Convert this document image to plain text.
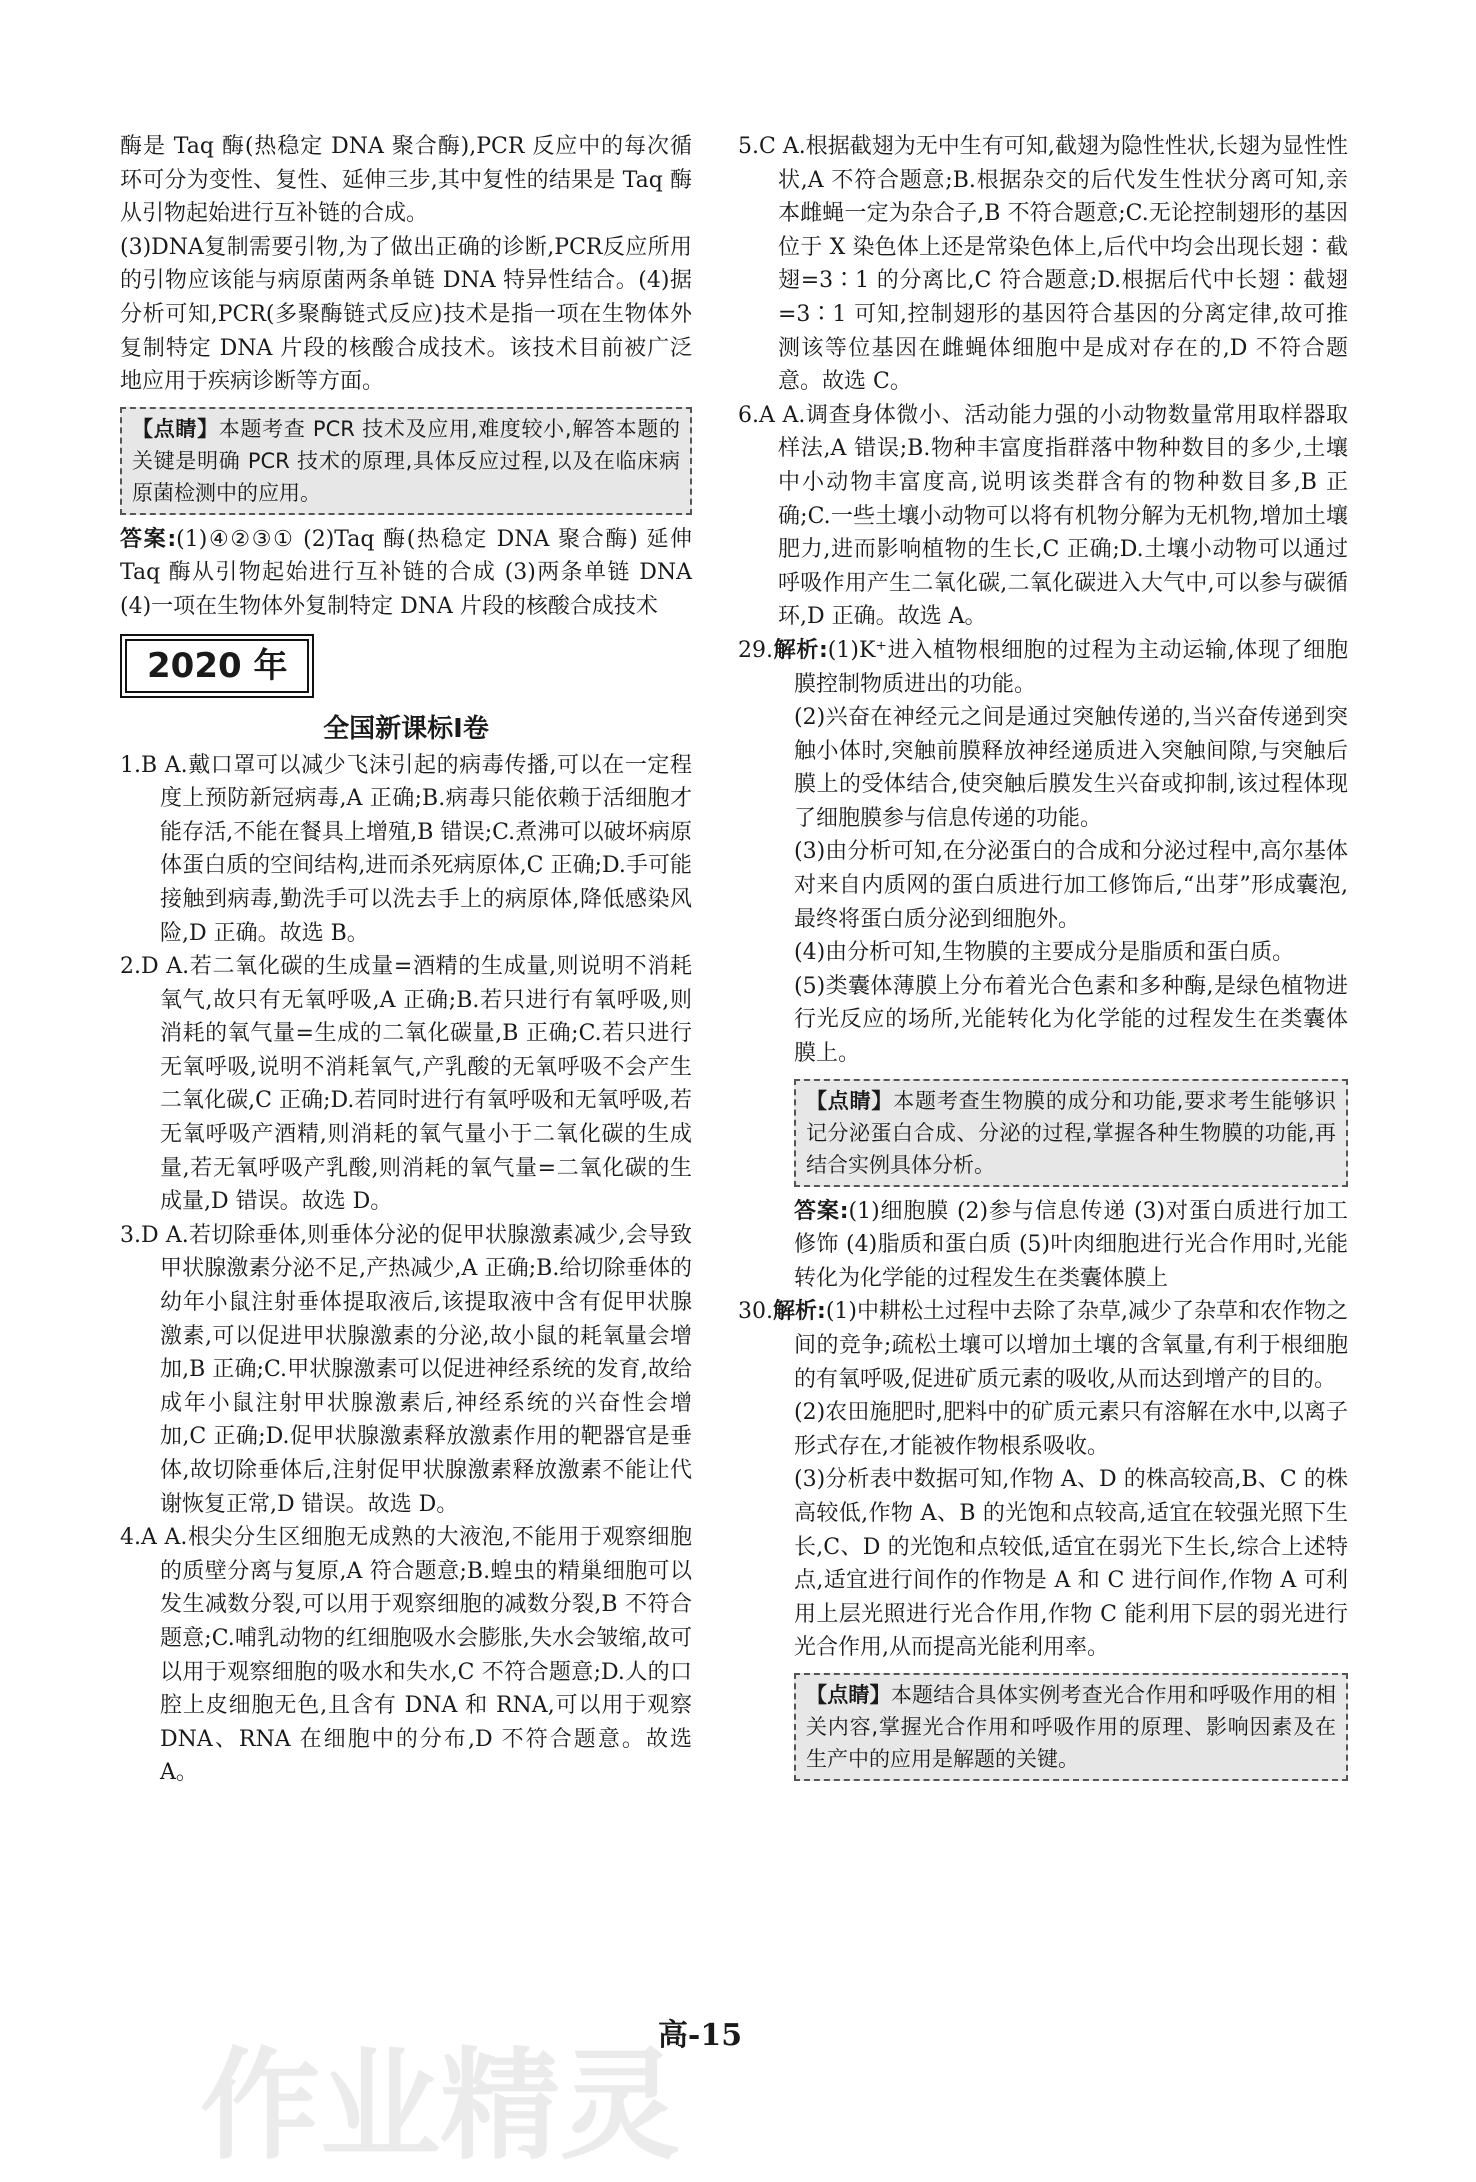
酶是 Taq 酶(热稳定 DNA 聚合酶),PCR 反应中的每次循环可分为变性、复性、延伸三步,其中复性的结果是 Taq 酶从引物起始进行互补链的合成。

(3)DNA复制需要引物,为了做出正确的诊断,PCR反应所用的引物应该能与病原菌两条单链 DNA 特异性结合。(4)据分析可知,PCR(多聚酶链式反应)技术是指一项在生物体外复制特定 DNA 片段的核酸合成技术。该技术目前被广泛地应用于疾病诊断等方面。

【点睛】本题考查 PCR 技术及应用,难度较小,解答本题的关键是明确 PCR 技术的原理,具体反应过程,以及在临床病原菌检测中的应用。

答案:(1)④②③① (2)Taq 酶(热稳定 DNA 聚合酶) 延伸 Taq 酶从引物起始进行互补链的合成 (3)两条单链 DNA (4)一项在生物体外复制特定 DNA 片段的核酸合成技术

2020 年
全国新课标Ⅰ卷

1.B A.戴口罩可以减少飞沫引起的病毒传播,可以在一定程度上预防新冠病毒,A 正确;B.病毒只能依赖于活细胞才能存活,不能在餐具上增殖,B 错误;C.煮沸可以破坏病原体蛋白质的空间结构,进而杀死病原体,C 正确;D.手可能接触到病毒,勤洗手可以洗去手上的病原体,降低感染风险,D 正确。故选 B。

2.D A.若二氧化碳的生成量=酒精的生成量,则说明不消耗氧气,故只有无氧呼吸,A 正确;B.若只进行有氧呼吸,则消耗的氧气量=生成的二氧化碳量,B 正确;C.若只进行无氧呼吸,说明不消耗氧气,产乳酸的无氧呼吸不会产生二氧化碳,C 正确;D.若同时进行有氧呼吸和无氧呼吸,若无氧呼吸产酒精,则消耗的氧气量小于二氧化碳的生成量,若无氧呼吸产乳酸,则消耗的氧气量=二氧化碳的生成量,D 错误。故选 D。

3.D A.若切除垂体,则垂体分泌的促甲状腺激素减少,会导致甲状腺激素分泌不足,产热减少,A 正确;B.给切除垂体的幼年小鼠注射垂体提取液后,该提取液中含有促甲状腺激素,可以促进甲状腺激素的分泌,故小鼠的耗氧量会增加,B 正确;C.甲状腺激素可以促进神经系统的发育,故给成年小鼠注射甲状腺激素后,神经系统的兴奋性会增加,C 正确;D.促甲状腺激素释放激素作用的靶器官是垂体,故切除垂体后,注射促甲状腺激素释放激素不能让代谢恢复正常,D 错误。故选 D。

4.A A.根尖分生区细胞无成熟的大液泡,不能用于观察细胞的质壁分离与复原,A 符合题意;B.蝗虫的精巢细胞可以发生减数分裂,可以用于观察细胞的减数分裂,B 不符合题意;C.哺乳动物的红细胞吸水会膨胀,失水会皱缩,故可以用于观察细胞的吸水和失水,C 不符合题意;D.人的口腔上皮细胞无色,且含有 DNA 和 RNA,可以用于观察 DNA、RNA 在细胞中的分布,D 不符合题意。故选 A。

5.C A.根据截翅为无中生有可知,截翅为隐性性状,长翅为显性性状,A 不符合题意;B.根据杂交的后代发生性状分离可知,亲本雌蝇一定为杂合子,B 不符合题意;C.无论控制翅形的基因位于 X 染色体上还是常染色体上,后代中均会出现长翅∶截翅=3∶1 的分离比,C 符合题意;D.根据后代中长翅∶截翅=3∶1 可知,控制翅形的基因符合基因的分离定律,故可推测该等位基因在雌蝇体细胞中是成对存在的,D 不符合题意。故选 C。

6.A A.调查身体微小、活动能力强的小动物数量常用取样器取样法,A 错误;B.物种丰富度指群落中物种数目的多少,土壤中小动物丰富度高,说明该类群含有的物种数目多,B 正确;C.一些土壤小动物可以将有机物分解为无机物,增加土壤肥力,进而影响植物的生长,C 正确;D.土壤小动物可以通过呼吸作用产生二氧化碳,二氧化碳进入大气中,可以参与碳循环,D 正确。故选 A。

29.解析:(1)K⁺进入植物根细胞的过程为主动运输,体现了细胞膜控制物质进出的功能。

(2)兴奋在神经元之间是通过突触传递的,当兴奋传递到突触小体时,突触前膜释放神经递质进入突触间隙,与突触后膜上的受体结合,使突触后膜发生兴奋或抑制,该过程体现了细胞膜参与信息传递的功能。

(3)由分析可知,在分泌蛋白的合成和分泌过程中,高尔基体对来自内质网的蛋白质进行加工修饰后,“出芽”形成囊泡,最终将蛋白质分泌到细胞外。

(4)由分析可知,生物膜的主要成分是脂质和蛋白质。

(5)类囊体薄膜上分布着光合色素和多种酶,是绿色植物进行光反应的场所,光能转化为化学能的过程发生在类囊体膜上。

【点睛】本题考查生物膜的成分和功能,要求考生能够识记分泌蛋白合成、分泌的过程,掌握各种生物膜的功能,再结合实例具体分析。

答案:(1)细胞膜 (2)参与信息传递 (3)对蛋白质进行加工修饰 (4)脂质和蛋白质 (5)叶肉细胞进行光合作用时,光能转化为化学能的过程发生在类囊体膜上

30.解析:(1)中耕松土过程中去除了杂草,减少了杂草和农作物之间的竞争;疏松土壤可以增加土壤的含氧量,有利于根细胞的有氧呼吸,促进矿质元素的吸收,从而达到增产的目的。

(2)农田施肥时,肥料中的矿质元素只有溶解在水中,以离子形式存在,才能被作物根系吸收。

(3)分析表中数据可知,作物 A、D 的株高较高,B、C 的株高较低,作物 A、B 的光饱和点较高,适宜在较强光照下生长,C、D 的光饱和点较低,适宜在弱光下生长,综合上述特点,适宜进行间作的作物是 A 和 C 进行间作,作物 A 可利用上层光照进行光合作用,作物 C 能利用下层的弱光进行光合作用,从而提高光能利用率。

【点睛】本题结合具体实例考查光合作用和呼吸作用的相关内容,掌握光合作用和呼吸作用的原理、影响因素及在生产中的应用是解题的关键。

作业精灵
高-15
